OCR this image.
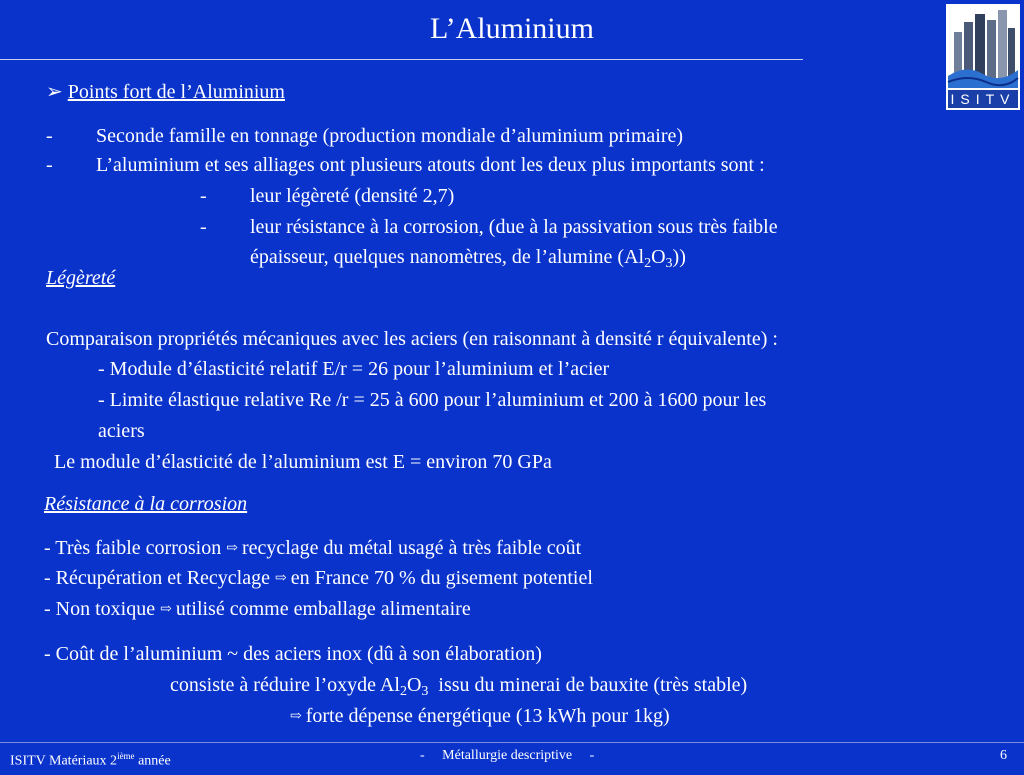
L’Aluminium
ISITV
➢ Points fort de l’Aluminium
- Seconde famille en tonnage (production mondiale d’aluminium primaire)
- L’aluminium et ses alliages ont plusieurs atouts dont les deux plus importants sont :
- leur légèreté (densité 2,7)
- leur résistance à la corrosion, (due à la passivation sous très faible
épaisseur, quelques nanomètres, de l’alumine $(Al_2O_3)$)
Légèreté
Comparaison propriétés mécaniques avec les aciers (en raisonnant à densité r équivalente) :
- Module d’élasticité relatif E/r = 26 pour l’aluminium et l’acier
- Limite élastique relative Re /r = 25 à 600 pour l’aluminium et 200 à 1600 pour les
aciers
Le module d’élasticité de l’aluminium est E = environ 70 GPa
Résistance à la corrosion
- Très faible corrosion ⇨ recyclage du métal usagé à très faible coût
- Récupération et Recyclage ⇨ en France 70 % du gisement potentiel
- Non toxique ⇨ utilisé comme emballage alimentaire
- Coût de l’aluminium ~ des aciers inox (dû à son élaboration)
consiste à réduire l’oxyde $Al_2O_3$ issu du minerai de bauxite (très stable)
⇨ forte dépense énergétique (13 kWh pour 1kg)
ISITV Matériaux 2ième année	-     Métallurgie descriptive     -	6
